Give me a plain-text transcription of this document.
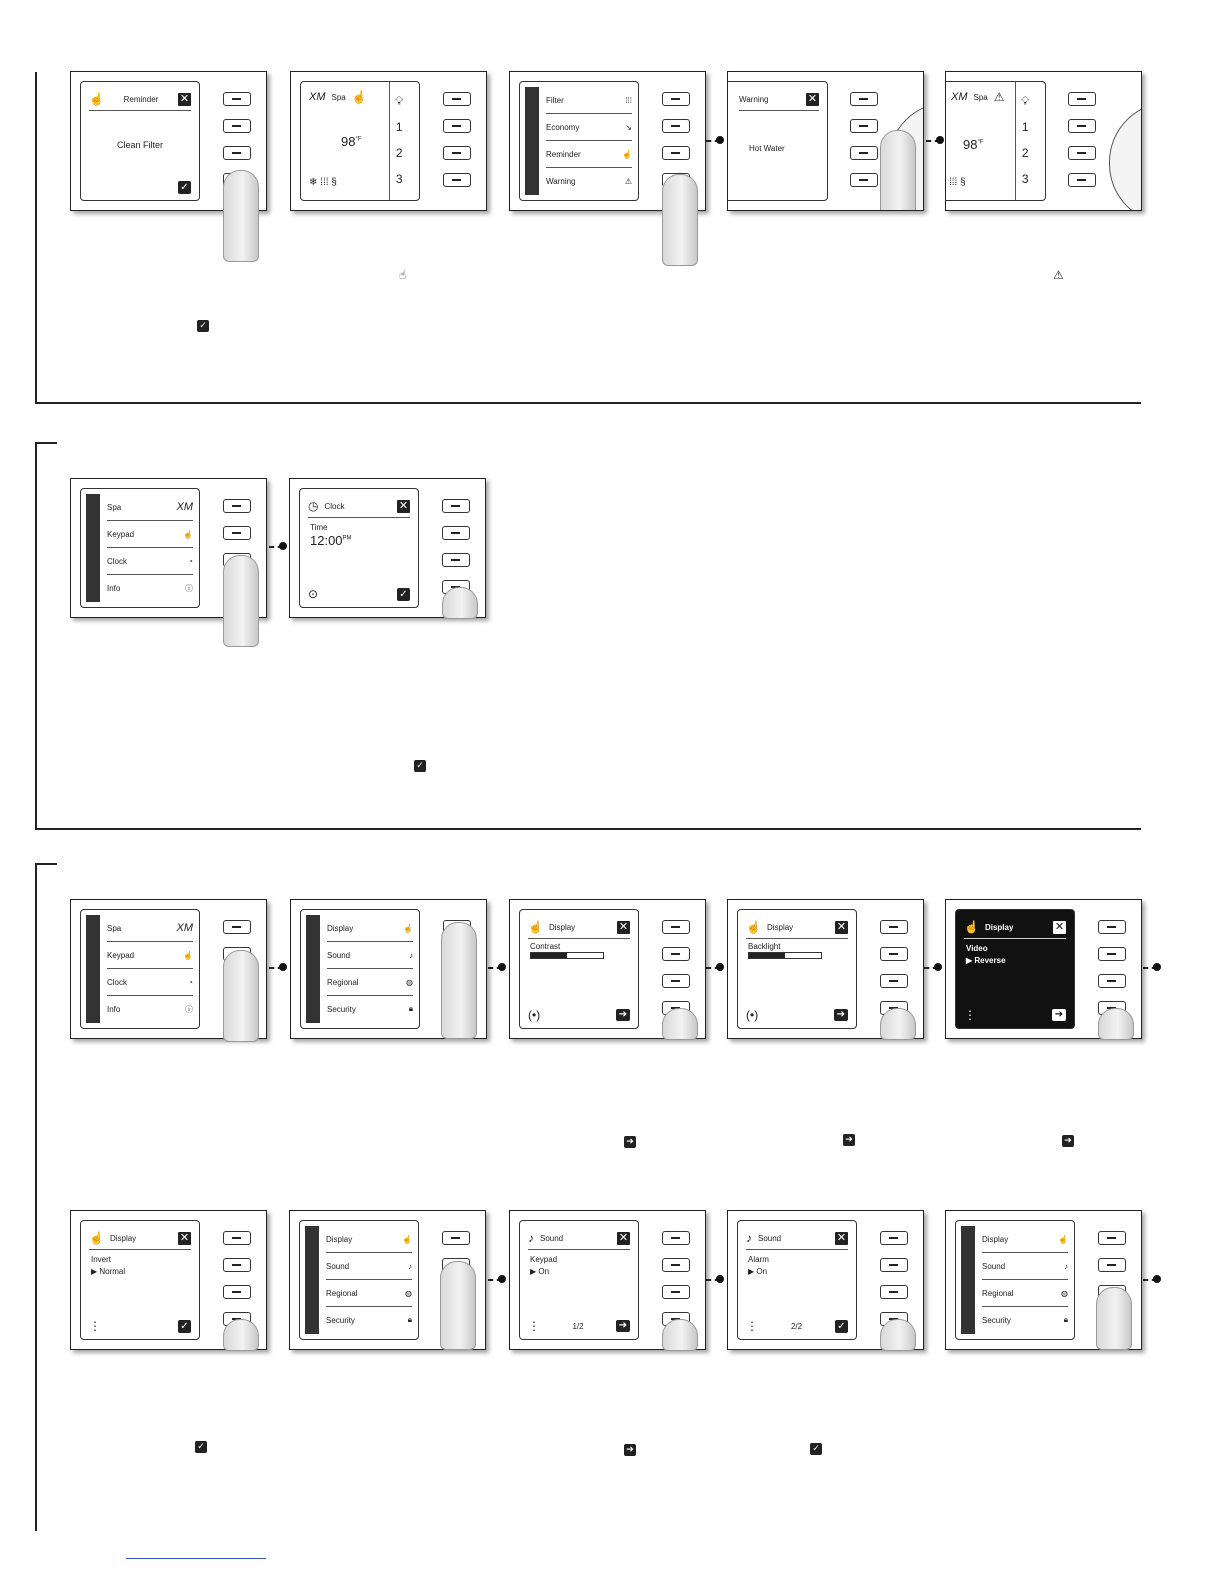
☝ Reminder ✕
Clean Filter
✓
XM Spa ☝
$98^{^\circ F}$
❄ ⁞⁞⁞ §
💡︎
1
2
3
Filter	⁞⁞⁞
Economy	↘
Reminder	☝
Warning	⚠
Warning	✕
Hot Water
XM Spa ⚠
$98^{^\circ F}$
⁞⁞⁞ §
💡︎
1
2
3
☝	⚠
✓
Spa	XM
Keypad	☝
Clock	◔
Info	ⓘ
◷ Clock	✕
Time
$12:00^{PM}$
⊙	✓
✓
Spa	XM
Keypad	☝
Clock	◔
Info	ⓘ
Display	☝
Sound	♪
Regional	◍
Security	🔒︎
☝ Display	✕
Contrast
(•)	➔
☝ Display	✕
Backlight
(•)	➔
☝ Display	✕
Video
▶ Reverse
⋮	➔
➔	➔	➔
☝ Display	✕
Invert
▶ Normal
⋮	✓
Display	☝
Sound	♪
Regional	◍
Security	🔒︎
♪ Sound	✕
Keypad
▶ On
⋮	1/2	➔
♪ Sound	✕
Alarm
▶ On
⋮	2/2	✓
Display	☝
Sound	♪
Regional	◍
Security	🔒︎
✓	➔	✓
